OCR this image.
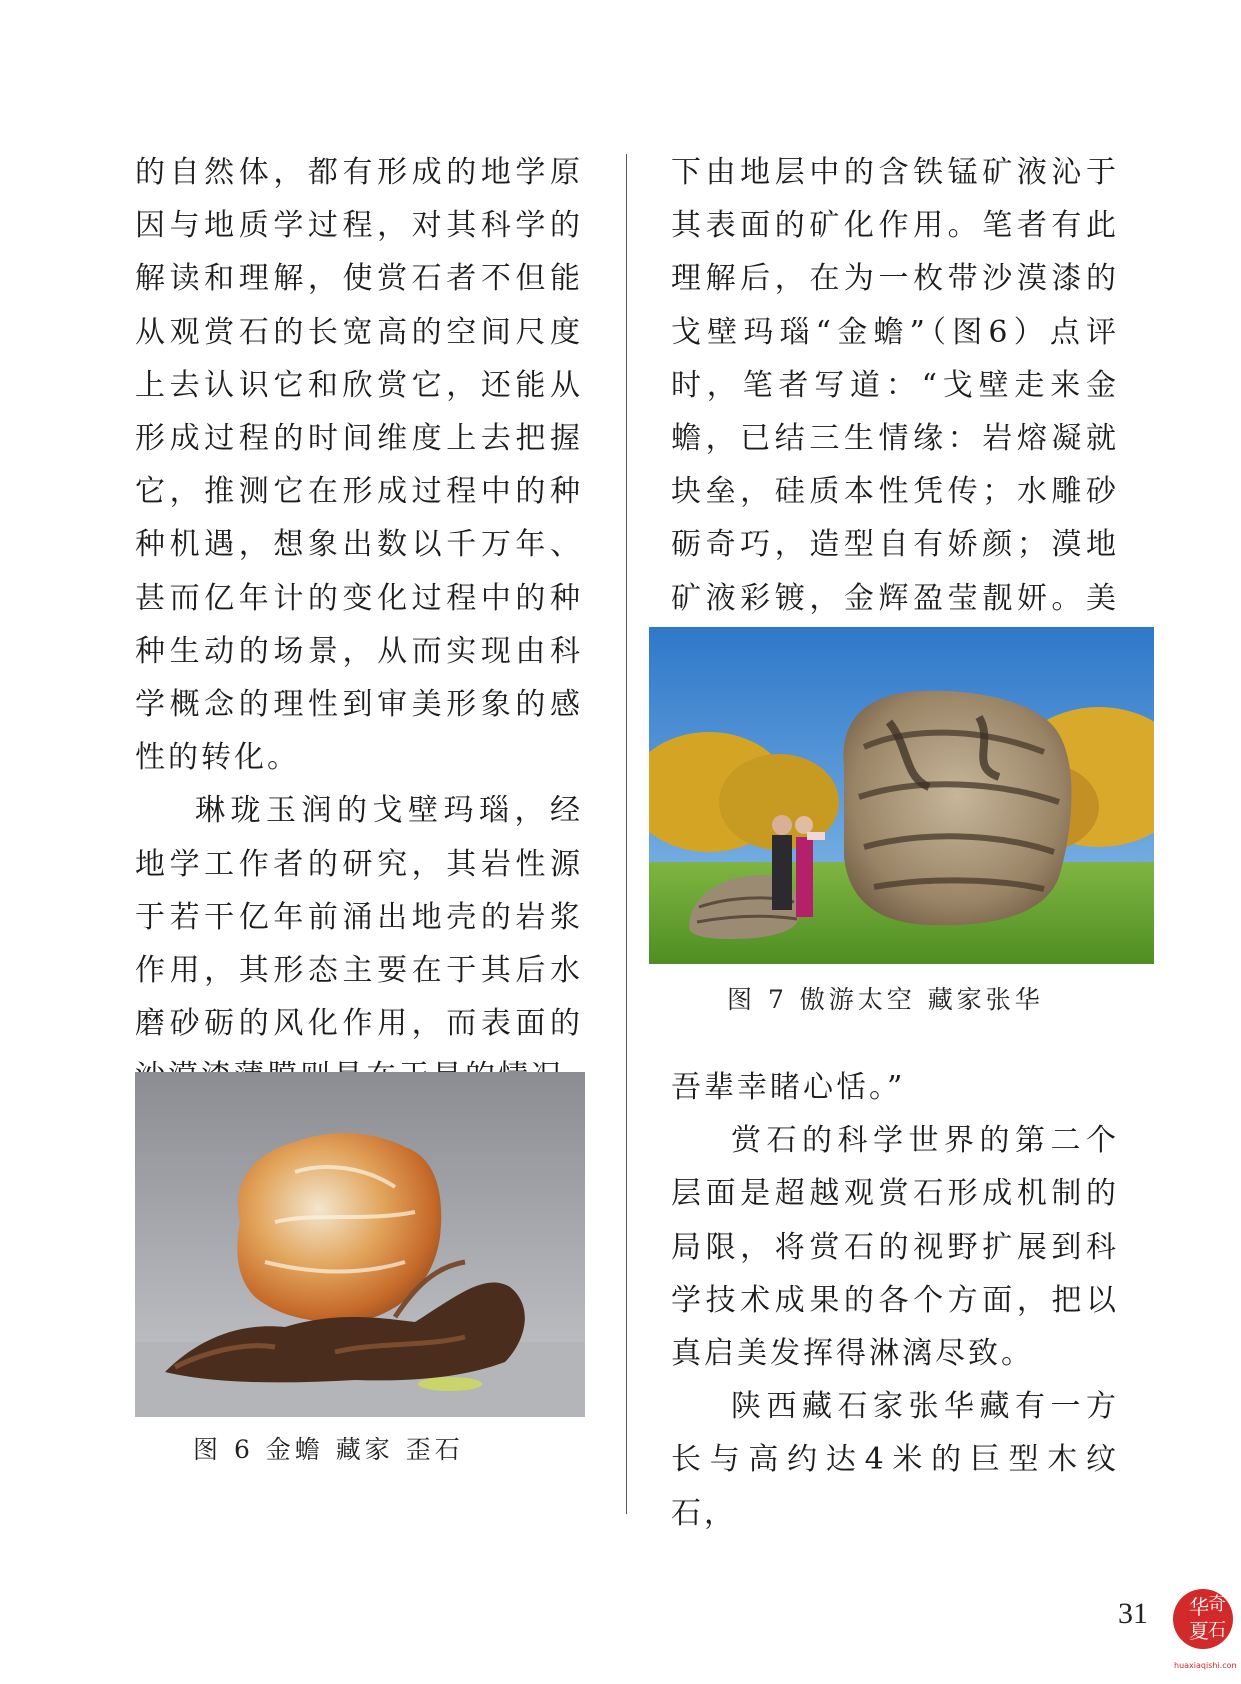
的自然体，都有形成的地学原因与地质学过程，对其科学的解读和理解，使赏石者不但能从观赏石的长宽高的空间尺度上去认识它和欣赏它，还能从形成过程的时间维度上去把握它，推测它在形成过程中的种种机遇，想象出数以千万年、甚而亿年计的变化过程中的种种生动的场景，从而实现由科学概念的理性到审美形象的感性的转化。

琳珑玉润的戈壁玛瑙，经地学工作者的研究，其岩性源于若干亿年前涌出地壳的岩浆作用，其形态主要在于其后水磨砂砺的风化作用，而表面的

下由地层中的含铁锰矿液沁于其表面的矿化作用。笔者有此理解后，在为一枚带沙漠漆的戈壁玛瑙“金蟾”（图6）点评时，笔者写道：“戈壁走来金蟾，已结三生情缘：岩熔凝就块垒，硅质本性凭传；水雕砂砺奇巧，造型自有娇颜；漠地矿液彩镀，金辉盈莹靓妍。美

吾辈幸睹心恬。”

赏石的科学世界的第二个层面是超越观赏石形成机制的局限，将赏石的视野扩展到科学技术成果的各个方面，把以真启美发挥得淋漓尽致。

陕西藏石家张华藏有一方长与高约达4米的巨型木纹石，

图 6 金蟾 藏家 歪石
图 7 傲游太空 藏家张华
31 华 奇
夏 石
huaxiaqishi.com
